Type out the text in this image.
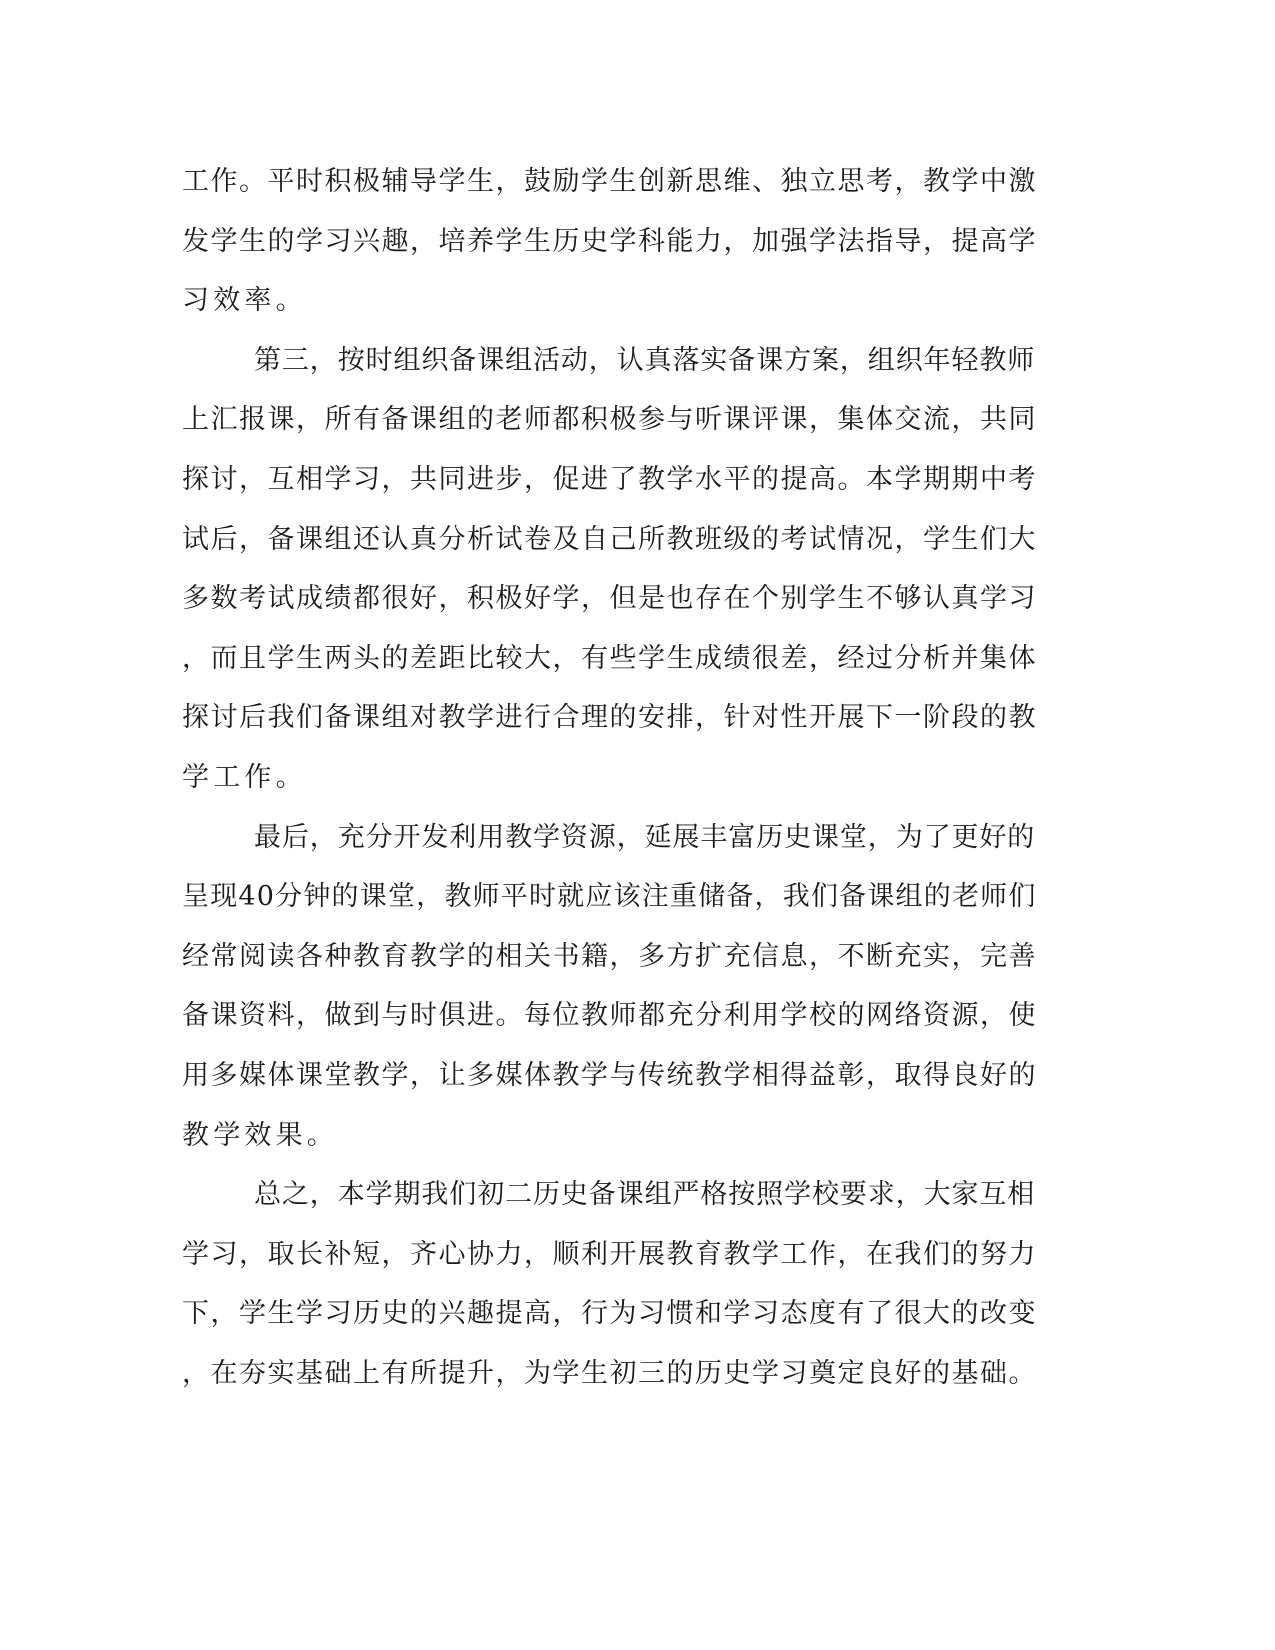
工作。平时积极辅导学生，鼓励学生创新思维、独立思考，教学中激
发学生的学习兴趣，培养学生历史学科能力，加强学法指导，提高学
习效率。
第三，按时组织备课组活动，认真落实备课方案，组织年轻教师
上汇报课，所有备课组的老师都积极参与听课评课，集体交流，共同
探讨，互相学习，共同进步，促进了教学水平的提高。本学期期中考
试后，备课组还认真分析试卷及自己所教班级的考试情况，学生们大
多数考试成绩都很好，积极好学，但是也存在个别学生不够认真学习
，而且学生两头的差距比较大，有些学生成绩很差，经过分析并集体
探讨后我们备课组对教学进行合理的安排，针对性开展下一阶段的教
学工作。
最后，充分开发利用教学资源，延展丰富历史课堂，为了更好的
呈现40分钟的课堂，教师平时就应该注重储备，我们备课组的老师们
经常阅读各种教育教学的相关书籍，多方扩充信息，不断充实，完善
备课资料，做到与时俱进。每位教师都充分利用学校的网络资源，使
用多媒体课堂教学，让多媒体教学与传统教学相得益彰，取得良好的
教学效果。
总之，本学期我们初二历史备课组严格按照学校要求，大家互相
学习，取长补短，齐心协力，顺利开展教育教学工作，在我们的努力
下，学生学习历史的兴趣提高，行为习惯和学习态度有了很大的改变
，在夯实基础上有所提升，为学生初三的历史学习奠定良好的基础。
